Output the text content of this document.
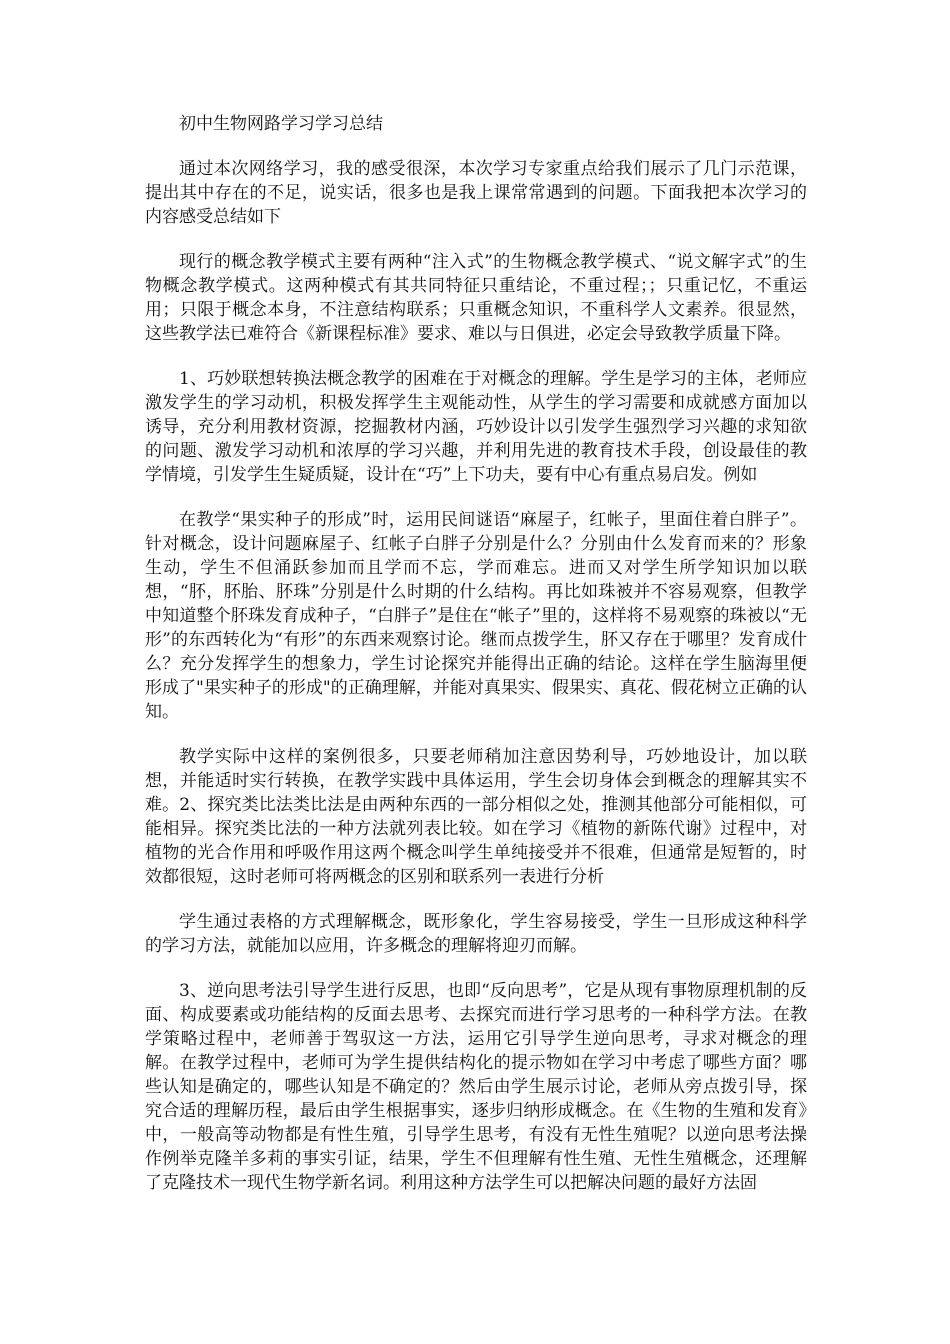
初中生物网路学习学习总结

通过本次网络学习，我的感受很深，本次学习专家重点给我们展示了几门示范课，提出其中存在的不足，说实话，很多也是我上课常常遇到的问题。下面我把本次学习的内容感受总结如下

现行的概念教学模式主要有两种“注入式”的生物概念教学模式、“说文解字式”的生物概念教学模式。这两种模式有其共同特征只重结论，不重过程；；只重记忆，不重运用；只限于概念本身，不注意结构联系；只重概念知识，不重科学人文素养。很显然，这些教学法已难符合《新课程标准》要求、难以与日俱进，必定会导致教学质量下降。

1、巧妙联想转换法概念教学的困难在于对概念的理解。学生是学习的主体，老师应激发学生的学习动机，积极发挥学生主观能动性，从学生的学习需要和成就感方面加以诱导，充分利用教材资源，挖掘教材内涵，巧妙设计以引发学生强烈学习兴趣的求知欲的问题、激发学习动机和浓厚的学习兴趣，并利用先进的教育技术手段，创设最佳的教学情境，引发学生生疑质疑，设计在“巧”上下功夫，要有中心有重点易启发。例如

在教学“果实种子的形成”时，运用民间谜语“麻屋子，红帐子，里面住着白胖子”。针对概念，设计问题麻屋子、红帐子白胖子分别是什么？分别由什么发育而来的？形象生动，学生不但涌跃参加而且学而不忘，学而难忘。进而又对学生所学知识加以联想，“肧，肧胎、肧珠”分别是什么时期的什么结构。再比如珠被并不容易观察，但教学中知道整个肧珠发育成种子，“白胖子”是住在“帐子”里的，这样将不易观察的珠被以“无形”的东西转化为“有形”的东西来观察讨论。继而点拨学生，肧又存在于哪里？发育成什么？充分发挥学生的想象力，学生讨论探究并能得出正确的结论。这样在学生脑海里便形成了"果实种子的形成"的正确理解，并能对真果实、假果实、真花、假花树立正确的认知。

教学实际中这样的案例很多，只要老师稍加注意因势利导，巧妙地设计，加以联想，并能适时实行转换，在教学实践中具体运用，学生会切身体会到概念的理解其实不难。2、探究类比法类比法是由两种东西的一部分相似之处，推测其他部分可能相似，可能相异。探究类比法的一种方法就列表比较。如在学习《植物的新陈代谢》过程中，对植物的光合作用和呼吸作用这两个概念叫学生单纯接受并不很难，但通常是短暂的，时效都很短，这时老师可将两概念的区别和联系列一表进行分析

学生通过表格的方式理解概念，既形象化，学生容易接受，学生一旦形成这种科学的学习方法，就能加以应用，许多概念的理解将迎刃而解。

3、逆向思考法引导学生进行反思，也即“反向思考”，它是从现有事物原理机制的反面、构成要素或功能结构的反面去思考、去探究而进行学习思考的一种科学方法。在教学策略过程中，老师善于驾驭这一方法，运用它引导学生逆向思考，寻求对概念的理解。在教学过程中，老师可为学生提供结构化的提示物如在学习中考虑了哪些方面？哪些认知是确定的，哪些认知是不确定的？然后由学生展示讨论，老师从旁点拨引导，探究合适的理解历程，最后由学生根据事实，逐步归纳形成概念。在《生物的生殖和发育》中，一般高等动物都是有性生殖，引导学生思考，有没有无性生殖呢？以逆向思考法操作例举克隆羊多莉的事实引证，结果，学生不但理解有性生殖、无性生殖概念，还理解了克隆技术一现代生物学新名词。利用这种方法学生可以把解决问题的最好方法固
